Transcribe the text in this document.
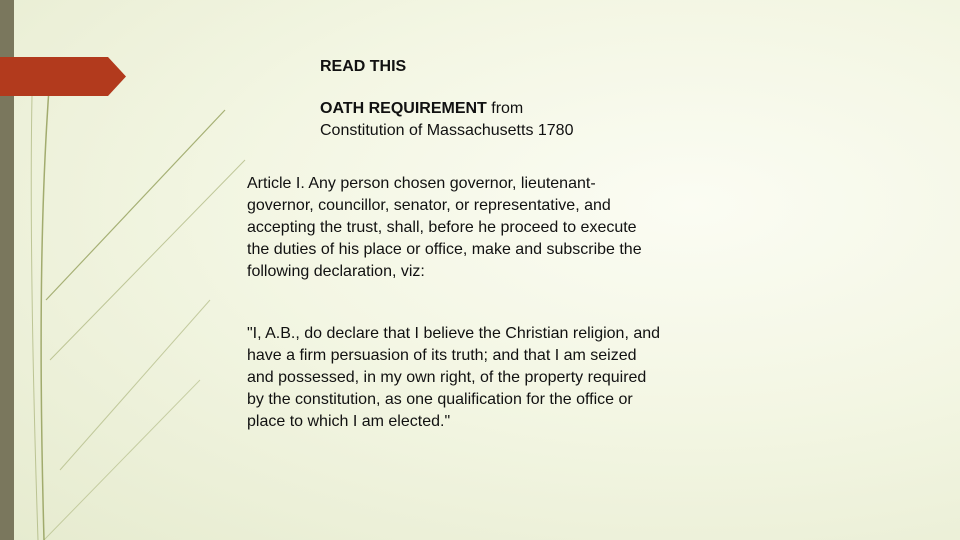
READ THIS
OATH REQUIREMENT from
Constitution of Massachusetts 1780
Article I. Any person chosen governor, lieutenant-
governor, councillor, senator, or representative, and
accepting the trust, shall, before he proceed to execute
the duties of his place or office, make and subscribe the
following declaration, viz:
"I, A.B., do declare that I believe the Christian religion, and
have a firm persuasion of its truth; and that I am seized
and possessed, in my own right, of the property required
by the constitution, as one qualification for the office or
place to which I am elected."
